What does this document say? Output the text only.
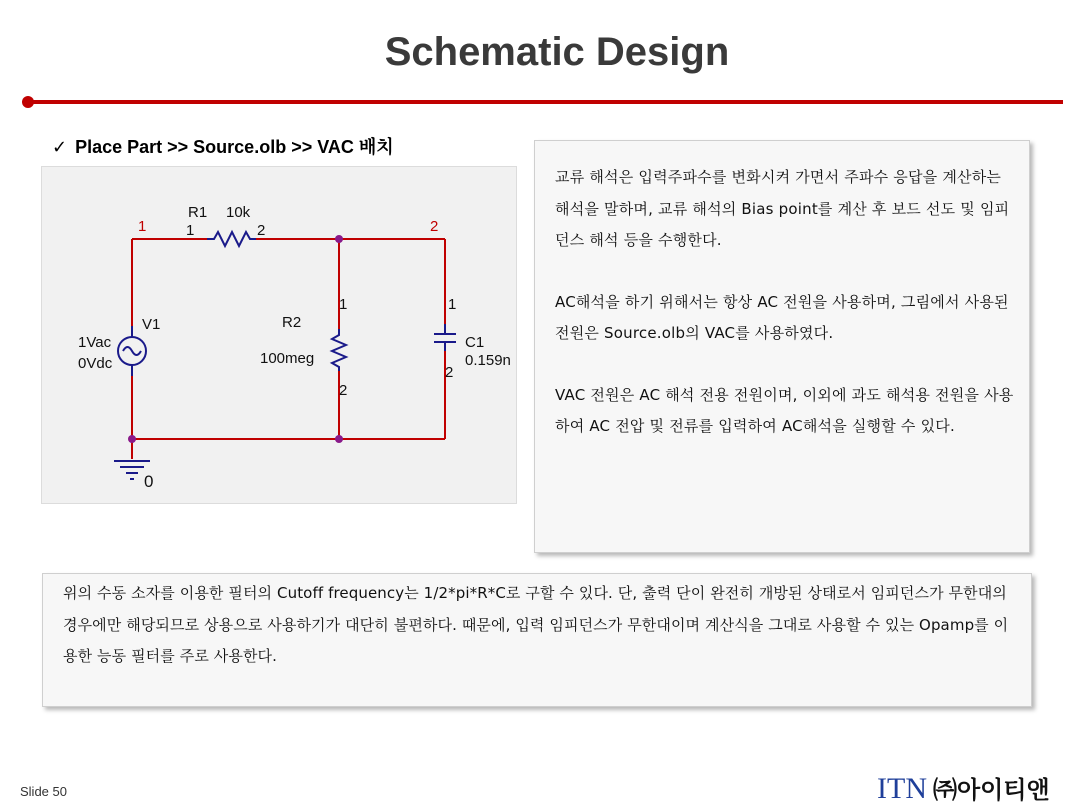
Schematic Design
✓ Place Part >> Source.olb >> VAC 배치
1	2
R1 10k
1	2
R2
100meg
1
2
C1
0.159n
1
2
V1
1Vac
0Vdc
0

교류 해석은 입력주파수를 변화시켜 가면서 주파수 응답을 계산하는 해석을 말하며, 교류 해석의 Bias point를 계산 후 보드 선도 및 임피던스 해석 등을 수행한다.

AC해석을 하기 위해서는 항상 AC 전원을 사용하며, 그림에서 사용된 전원은 Source.olb의 VAC를 사용하였다.

VAC 전원은 AC 해석 전용 전원이며, 이외에 과도 해석용 전원을 사용 하여 AC 전압 및 전류를 입력하여 AC해석을 실행할 수 있다.

위의 수동 소자를 이용한 필터의 Cutoff frequency는 1/2*pi*R*C로 구할 수 있다. 단, 출력 단이 완전히 개방된 상태로서 임피던스가 무한대의 경우에만 해당되므로 상용으로 사용하기가 대단히 불편하다. 때문에, 입력 임피던스가 무한대이며 계산식을 그대로 사용할 수 있는 Opamp를 이용한 능동 필터를 주로 사용한다.

Slide 50	ITN ㈜아이티앤
